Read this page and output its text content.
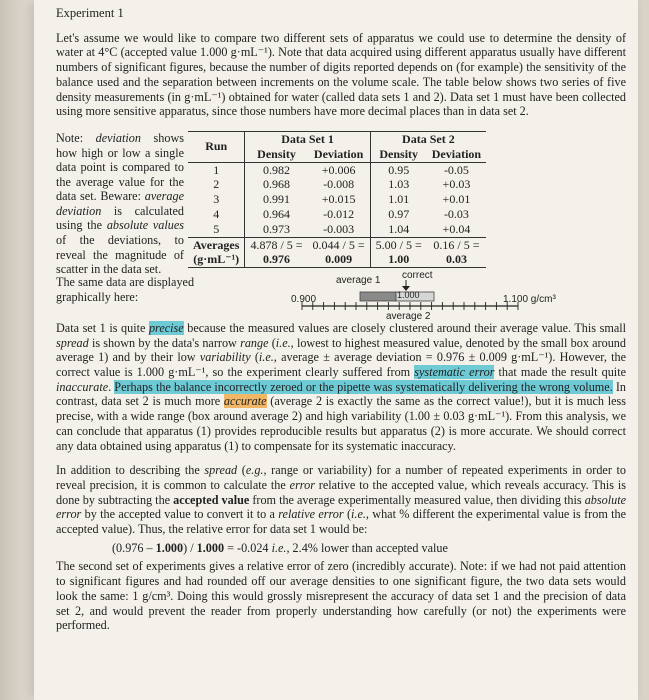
Experiment 1

Let's assume we would like to compare two different sets of apparatus we could use to determine the density of water at 4°C (accepted value 1.000 g·mL⁻¹). Note that data acquired using different apparatus usually have different numbers of significant figures, because the number of digits reported depends on (for example) the sensitivity of the balance used and the separation between increments on the volume scale. The table below shows two series of five density measurements (in g·mL⁻¹) obtained for water (called data sets 1 and 2). Data set 1 must have been collected using more sensitive apparatus, since those numbers have more decimal places than in data set 2.

Note: deviation shows how high or low a single data point is compared to the average value for the data set. Beware: average deviation is calculated using the absolute values of the deviations, to reveal the magnitude of scatter in the data set.
Run	Data Set 1		Data Set 2	
	Density	Deviation	Density	Deviation
1	0.982	+0.006	0.95	-0.05
2	0.968	-0.008	1.03	+0.03
3	0.991	+0.015	1.01	+0.01
4	0.964	-0.012	0.97	-0.03
5	0.973	-0.003	1.04	+0.04
Averages	4.878 / 5 =	0.044 / 5 =	5.00 / 5 =	0.16 / 5 =
(g·mL⁻¹)	0.976	0.009	1.00	0.03
The same data are displayed graphically here:	0.900
average 1 correct
1.100 g/cm³
1.000
average 2

Data set 1 is quite precise because the measured values are closely clustered around their average value. This small spread is shown by the data's narrow range (i.e., lowest to highest measured value, denoted by the small box around average 1) and by their low variability (i.e., average ± average deviation = 0.976 ± 0.009 g·mL⁻¹). However, the correct value is 1.000 g·mL⁻¹, so the experiment clearly suffered from systematic error that made the result quite inaccurate. Perhaps the balance incorrectly zeroed or the pipette was systematically delivering the wrong volume. In contrast, data set 2 is much more accurate (average 2 is exactly the same as the correct value!), but it is much less precise, with a wide range (box around average 2) and high variability (1.00 ± 0.03 g·mL⁻¹). From this analysis, we can conclude that apparatus (1) provides reproducible results but apparatus (2) is more accurate. We should correct any data obtained using apparatus (1) to compensate for its systematic inaccuracy.

In addition to describing the spread (e.g., range or variability) for a number of repeated experiments in order to reveal precision, it is common to calculate the error relative to the accepted value, which reveals accuracy. This is done by subtracting the accepted value from the average experimentally measured value, then dividing this absolute error by the accepted value to convert it to a relative error (i.e., what % different the experimental value is from the accepted value). Thus, the relative error for data set 1 would be:

(0.976 – 1.000) / 1.000 = -0.024 i.e., 2.4% lower than accepted value

The second set of experiments gives a relative error of zero (incredibly accurate). Note: if we had not paid attention to significant figures and had rounded off our average densities to one significant figure, the two data sets would look the same: 1 g/cm³. Doing this would grossly misrepresent the accuracy of data set 1 and the precision of data set 2, and would prevent the reader from properly understanding how carefully (or not) the experiments were performed.
